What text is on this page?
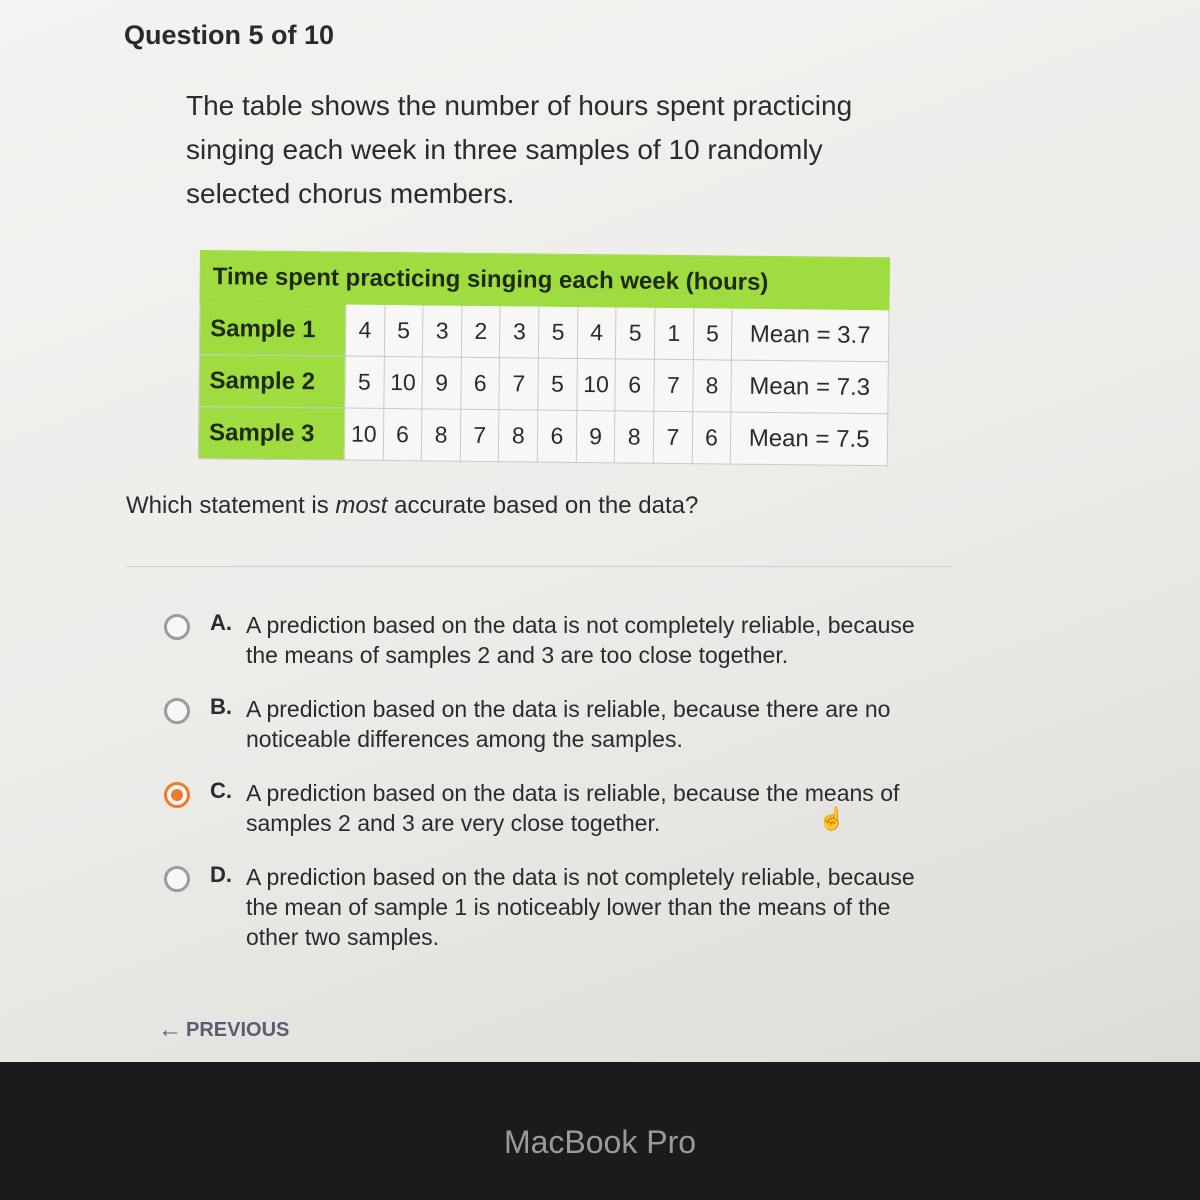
Question 5 of 10
The table shows the number of hours spent practicing singing each week in three samples of 10 randomly selected chorus members.
Time spent practicing singing each week (hours)											
Sample 1	4	5	3	2	3	5	4	5	1	5	Mean = 3.7
Sample 2	5	10	9	6	7	5	10	6	7	8	Mean = 7.3
Sample 3	10	6	8	7	8	6	9	8	7	6	Mean = 7.5
Which statement is most accurate based on the data?
A. A prediction based on the data is not completely reliable, because the means of samples 2 and 3 are too close together.
B. A prediction based on the data is reliable, because there are no noticeable differences among the samples.
C. A prediction based on the data is reliable, because the means of samples 2 and 3 are very close together.
D. A prediction based on the data is not completely reliable, because the mean of sample 1 is noticeably lower than the means of the other two samples.
☝
← PREVIOUS
MacBook Pro
